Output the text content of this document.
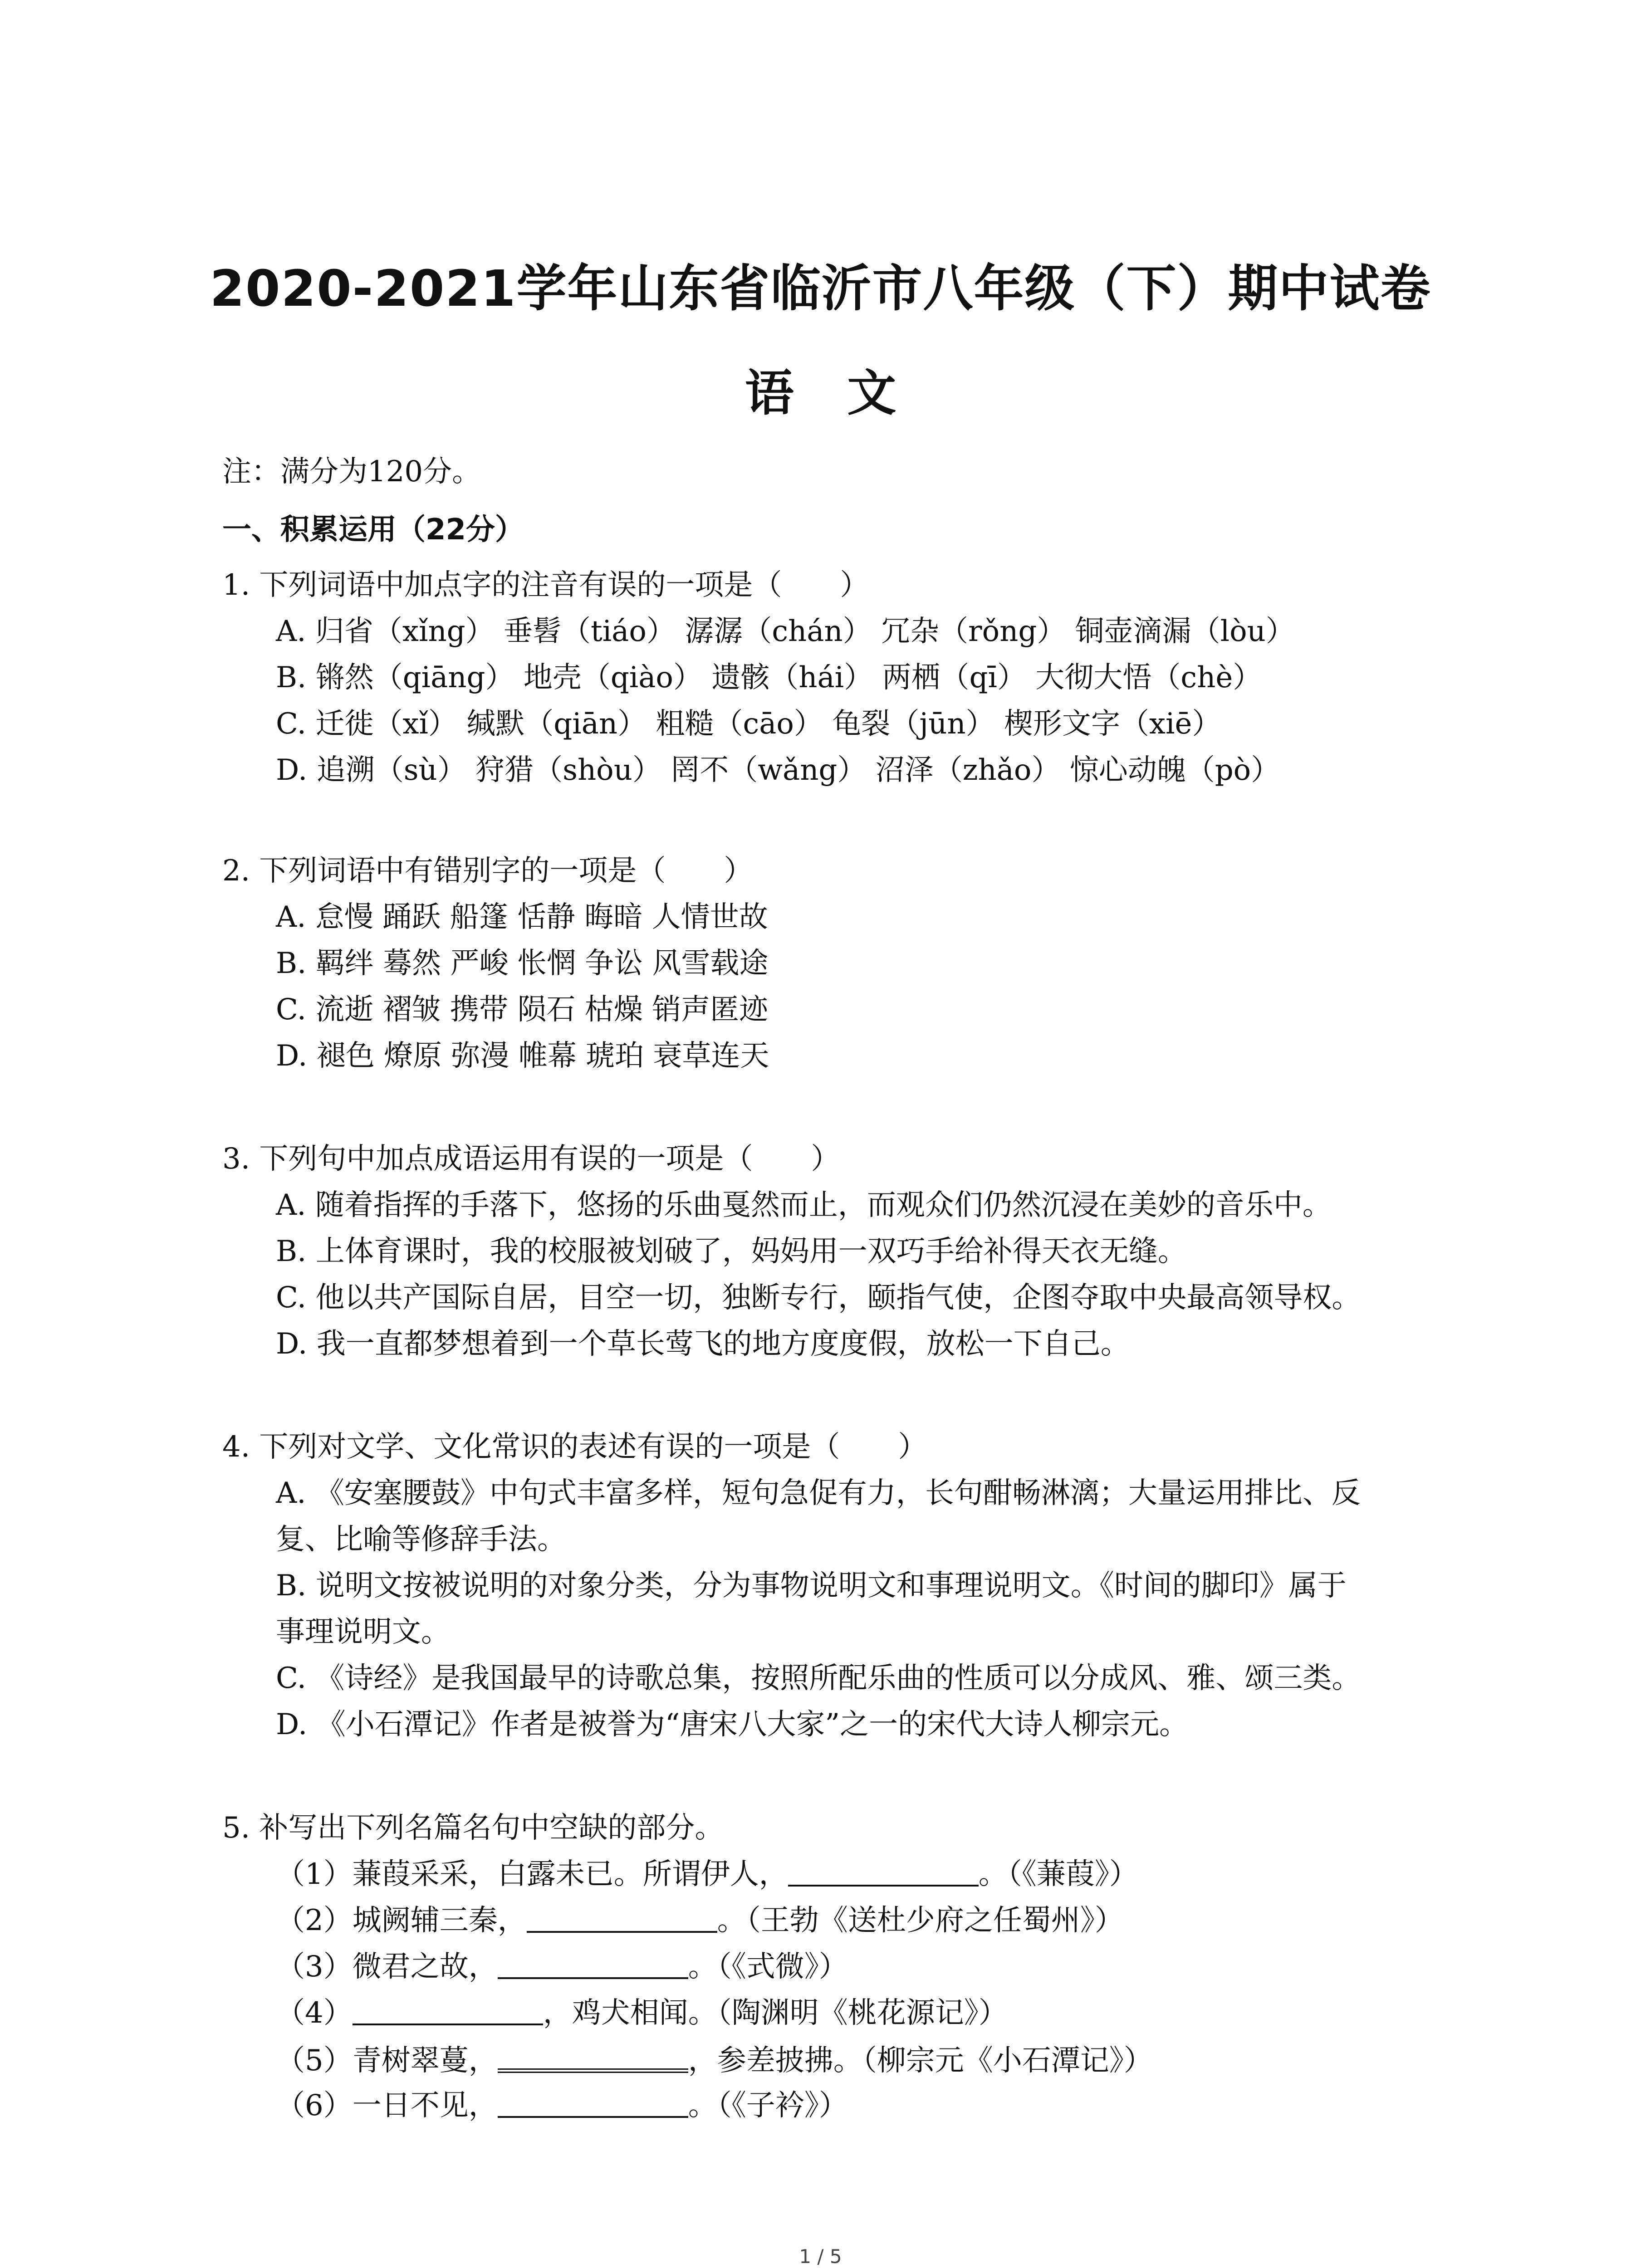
2020-2021学年山东省临沂市八年级（下）期中试卷
语 文
注：满分为120分。
一、积累运用（22分）
1. 下列词语中加点字的注音有误的一项是（　　）
A. 归省（xǐng） 垂髫（tiáo） 潺潺（chán） 冗杂（rǒng） 铜壶滴漏（lòu）
B. 锵然（qiāng） 地壳（qiào） 遗骸（hái） 两栖（qī） 大彻大悟（chè）
C. 迁徙（xǐ） 缄默（qiān） 粗糙（cāo） 龟裂（jūn） 楔形文字（xiē）
D. 追溯（sù） 狩猎（shòu） 罔不（wǎng） 沼泽（zhǎo） 惊心动魄（pò）
2. 下列词语中有错别字的一项是（　　）
A. 怠慢 踊跃 船篷 恬静 晦暗 人情世故
B. 羁绊 蓦然 严峻 怅惘 争讼 风雪载途
C. 流逝 褶皱 携带 陨石 枯燥 销声匿迹
D. 褪色 燎原 弥漫 帷幕 琥珀 衰草连天
3. 下列句中加点成语运用有误的一项是（　　）
A. 随着指挥的手落下，悠扬的乐曲戛然而止，而观众们仍然沉浸在美妙的音乐中。
B. 上体育课时，我的校服被划破了，妈妈用一双巧手给补得天衣无缝。
C. 他以共产国际自居，目空一切，独断专行，颐指气使，企图夺取中央最高领导权。
D. 我一直都梦想着到一个草长莺飞的地方度度假，放松一下自己。
4. 下列对文学、文化常识的表述有误的一项是（　　）
A. 《安塞腰鼓》中句式丰富多样，短句急促有力，长句酣畅淋漓；大量运用排比、反
复、比喻等修辞手法。
B. 说明文按被说明的对象分类，分为事物说明文和事理说明文。《时间的脚印》属于
事理说明文。
C. 《诗经》是我国最早的诗歌总集，按照所配乐曲的性质可以分成风、雅、颂三类。
D. 《小石潭记》作者是被誉为“唐宋八大家”之一的宋代大诗人柳宗元。
5. 补写出下列名篇名句中空缺的部分。
（1）蒹葭采采，白露未已。所谓伊人，	。（《蒹葭》）
（2）城阙辅三秦，	。（王勃《送杜少府之任蜀州》）
（3）微君之故，	。（《式微》）
（4）	，鸡犬相闻。（陶渊明《桃花源记》）
（5）青树翠蔓，	，参差披拂。（柳宗元《小石潭记》）
（6）一日不见，	。（《子衿》）
1 / 5
